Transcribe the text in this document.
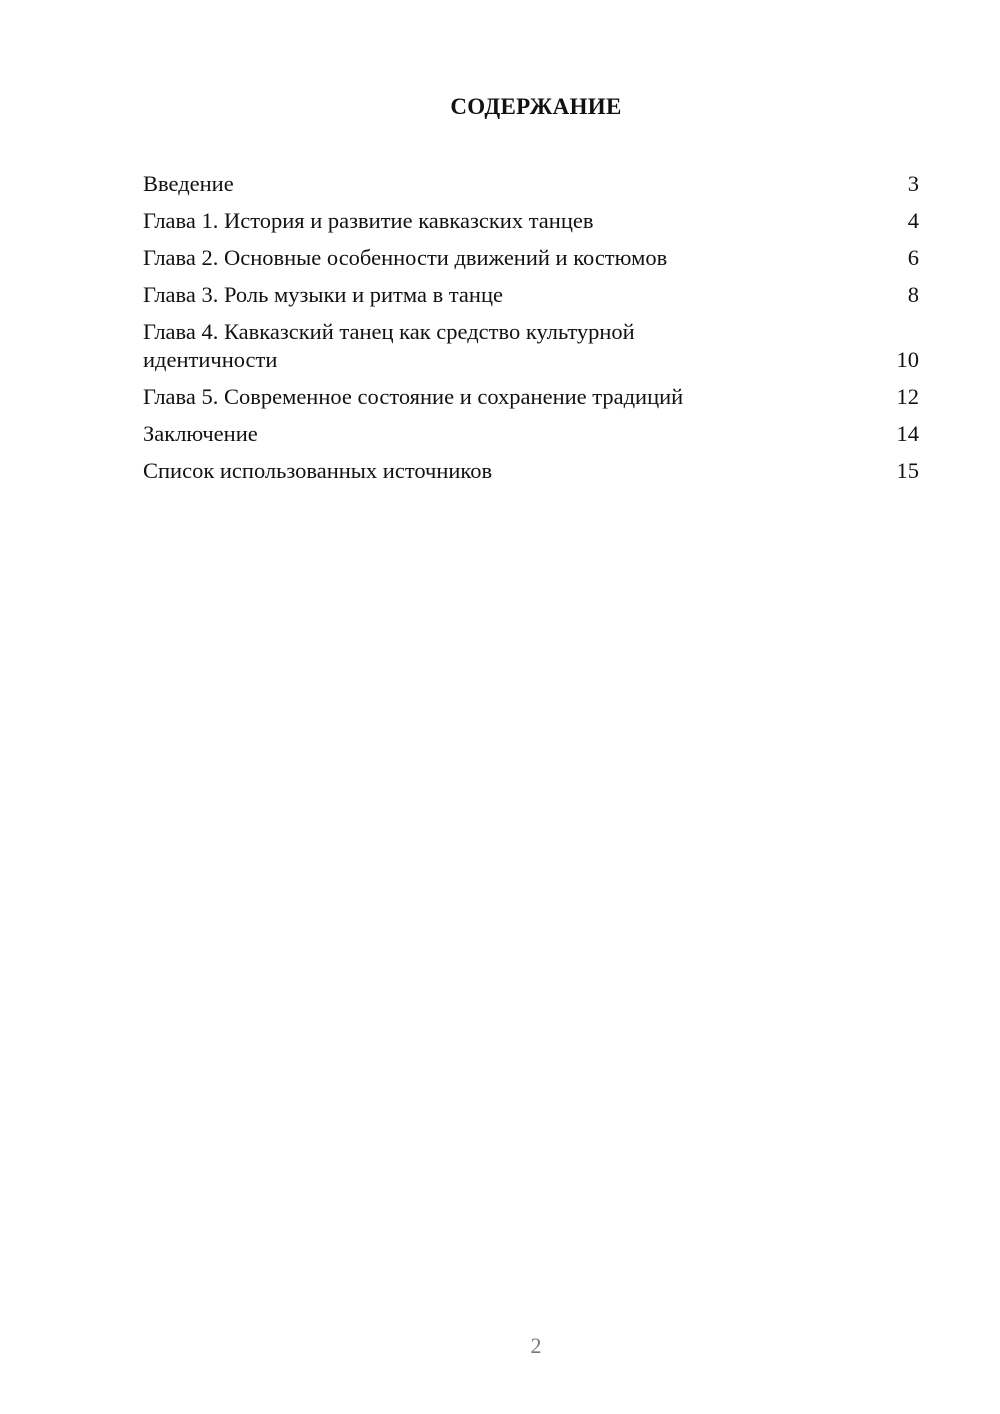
СОДЕРЖАНИЕ
Введение	3
Глава 1. История и развитие кавказских танцев	4
Глава 2. Основные особенности движений и костюмов	6
Глава 3. Роль музыки и ритма в танце	8
Глава 4. Кавказский танец как средство культурной идентичности	10
Глава 5. Современное состояние и сохранение традиций	12
Заключение	14
Список использованных источников	15
2
